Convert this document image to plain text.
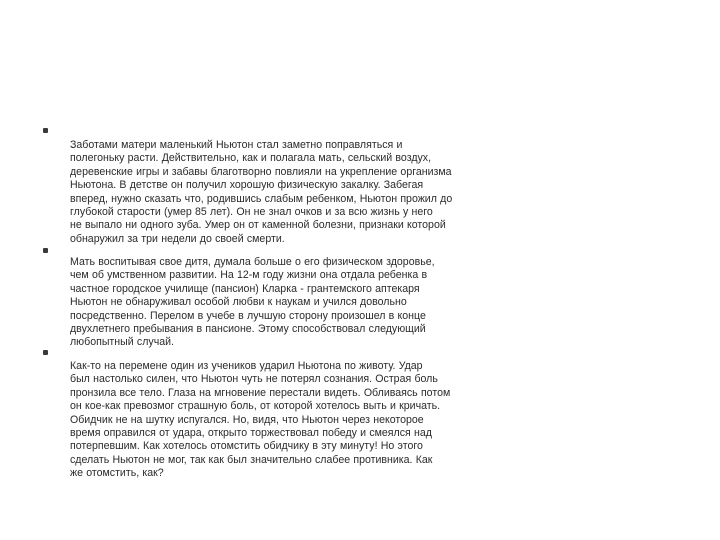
Заботами матери маленький Ньютон стал заметно поправляться и
полегоньку расти. Действительно, как и полагала мать, сельский воздух,
деревенские игры и забавы благотворно повлияли на укрепление организма
Ньютона. В детстве он получил хорошую физическую закалку. Забегая
вперед, нужно сказать что, родившись слабым ребенком, Ньютон прожил до
глубокой старости (умер 85 лет). Он не знал очков и за всю жизнь у него
не выпало ни одного зуба. Умер он от каменной болезни, признаки которой
обнаружил за три недели до своей смерти.

Мать воспитывая свое дитя, думала больше о его физическом здоровье,
чем об умственном развитии. На 12-м году жизни она отдала ребенка в
частное городское училище (пансион) Кларка - грантемского аптекаря
Ньютон не обнаруживал особой любви к наукам и учился довольно
посредственно. Перелом в учебе в лучшую сторону произошел в конце
двухлетнего пребывания в пансионе. Этому способствовал следующий
любопытный случай.

Как-то на перемене один из учеников ударил Ньютона по животу. Удар
был настолько силен, что Ньютон чуть не потерял сознания. Острая боль
пронзила все тело. Глаза на мгновение перестали видеть. Обливаясь потом
он кое-как превозмог страшную боль, от которой хотелось выть и кричать.
Обидчик не на шутку испугался. Но, видя, что Ньютон через некоторое
время оправился от удара, открыто торжествовал победу и смеялся над
потерпевшим. Как хотелось отомстить обидчику в эту минуту! Но этого
сделать Ньютон не мог, так как был значительно слабее противника. Как
же отомстить, как?
